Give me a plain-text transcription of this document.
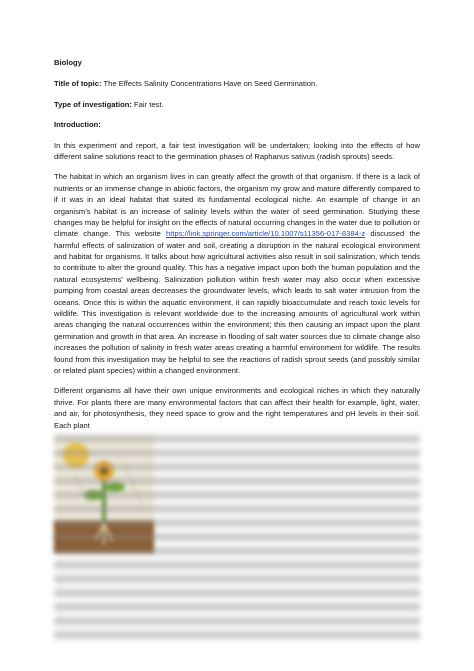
Biology
Title of topic: The Effects Salinity Concentrations Have on Seed Germination.
Type of investigation: Fair test.
Introduction:

In this experiment and report, a fair test investigation will be undertaken; looking into the effects of how different saline solutions react to the germination phases of Raphanus sativus (radish sprouts) seeds.

The habitat in which an organism lives in can greatly affect the growth of that organism. If there is a lack of nutrients or an immense change in abiotic factors, the organism my grow and mature differently compared to if it was in an ideal habitat that suited its fundamental ecological niche. An example of change in an organism’s habitat is an increase of salinity levels within the water of seed germination. Studying these changes may be helpful for insight on the effects of natural occurring changes in the water due to pollution or climate change. This website https://link.springer.com/article/10.1007/s11356-017-8384-z discussed the harmful effects of salinization of water and soil, creating a disruption in the natural ecological environment and habitat for organisms. It talks about how agricultural activities also result in soil salinization, which tends to contribute to alter the ground quality. This has a negative impact upon both the human population and the natural ecosystems’ wellbeing. Salinization pollution within fresh water may also occur when excessive pumping from coastal areas decreases the groundwater levels, which leads to salt water intrusion from the oceans. Once this is within the aquatic environment, it can rapidly bioaccumulate and reach toxic levels for wildlife. This investigation is relevant worldwide due to the increasing amounts of agricultural work within areas changing the natural occurrences within the environment; this then causing an impact upon the plant germination and growth in that area. An increase in flooding of salt water sources due to climate change also increases the pollution of salinity in fresh water areas creating a harmful environment for wildlife. The results found from this investigation may be helpful to see the reactions of radish sprout seeds (and possibly similar or related plant species) within a changed environment.

Different organisms all have their own unique environments and ecological niches in which they naturally thrive. For plants there are many environmental factors that can affect their health for example, light, water, and air, for photosynthesis, they need space to grow and the right temperatures and pH levels in their soil. Each plant
